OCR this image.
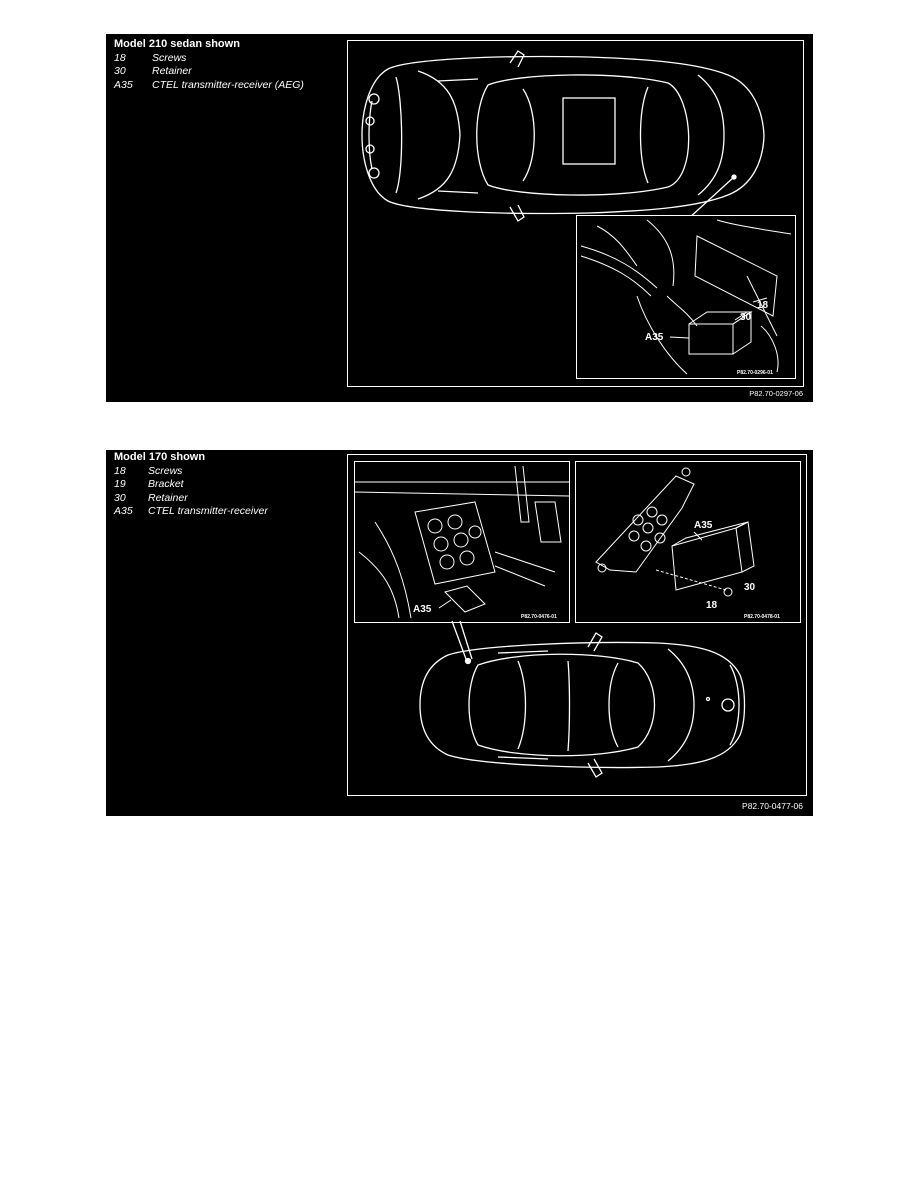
Model 210 sedan shown
18	Screws
30	Retainer
A35	CTEL transmitter-receiver (AEG)
A35
30
18
P82.70-0296-01
P82.70-0297-06
Model 170 shown
18	Screws
19	Bracket
30	Retainer
A35	CTEL transmitter-receiver
A35
P82.70-0476-01
A35
30
18
P82.70-0478-01
P82.70-0477-06
